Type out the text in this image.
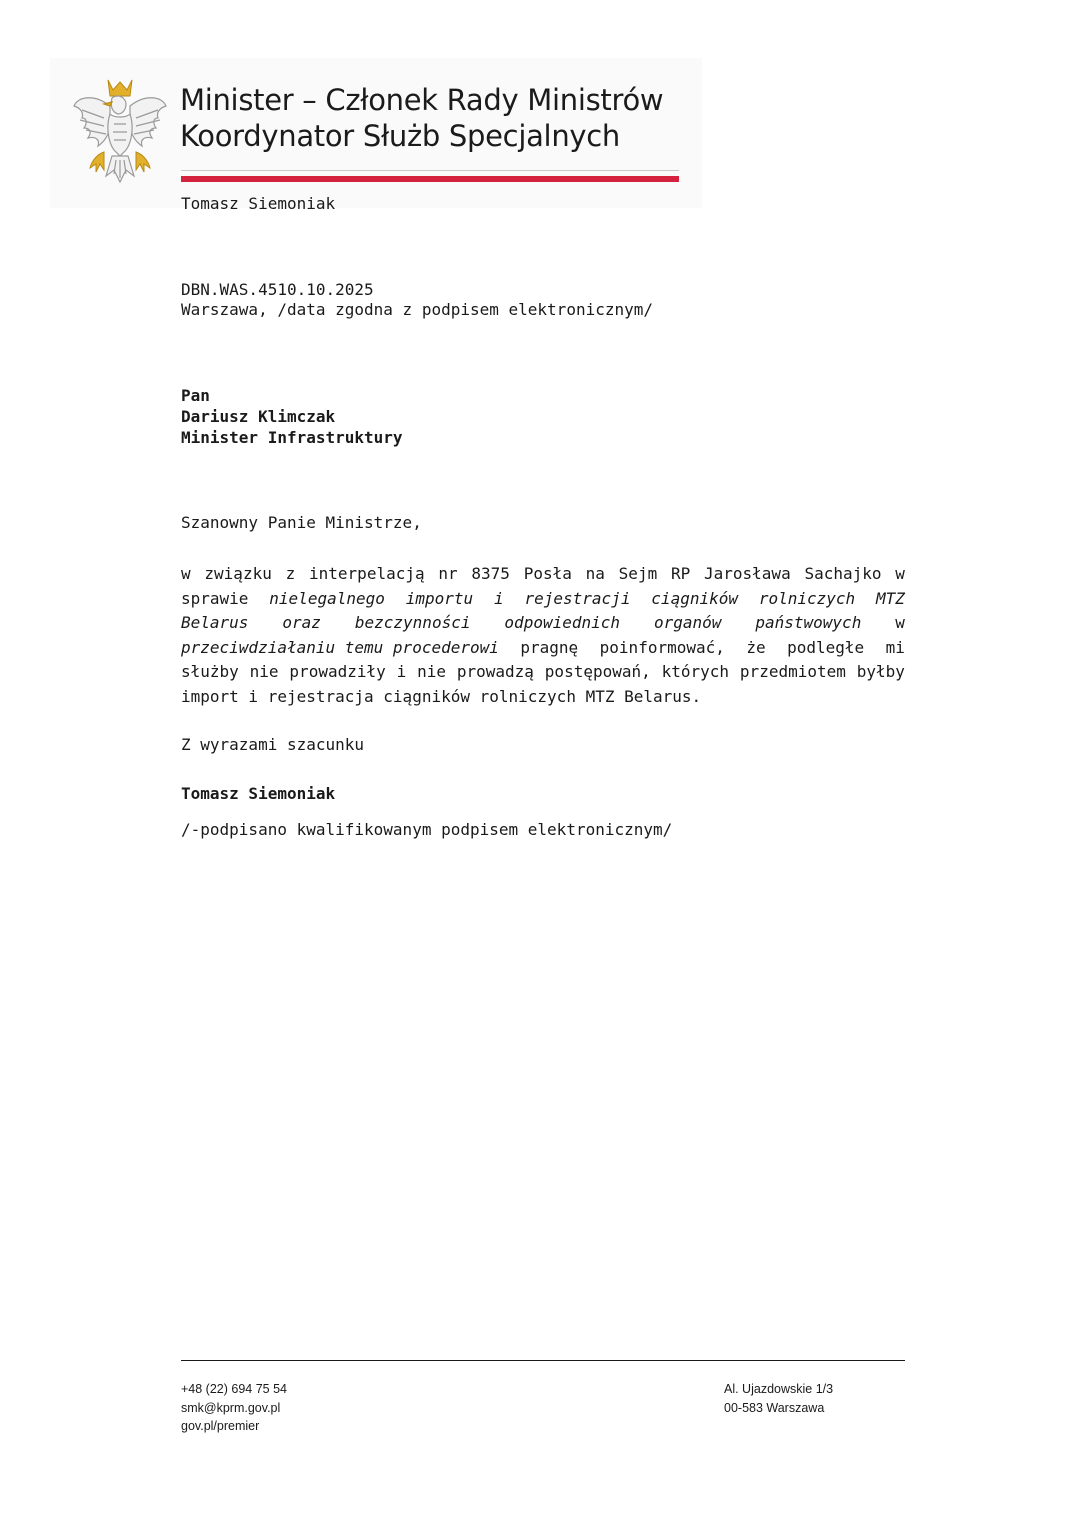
Minister – Członek Rady Ministrów
Koordynator Służb Specjalnych
Tomasz Siemoniak
DBN.WAS.4510.10.2025
Warszawa, /data zgodna z podpisem elektronicznym/
Pan
Dariusz Klimczak
Minister Infrastruktury
Szanowny Panie Ministrze,
w związku z interpelacją nr 8375 Posła na Sejm RP Jarosława Sachajko w
sprawie nielegalnego importu i rejestracji ciągników rolniczych MTZ
Belarus oraz bezczynności odpowiednich organów państwowych w
przeciwdziałaniu temu procederowi pragnę poinformować, że podległe mi
służby nie prowadziły i nie prowadzą postępowań, których przedmiotem byłby
import i rejestracja ciągników rolniczych MTZ Belarus.
Z wyrazami szacunku
Tomasz Siemoniak
/-podpisano kwalifikowanym podpisem elektronicznym/
+48 (22) 694 75 54
smk@kprm.gov.pl
gov.pl/premier
Al. Ujazdowskie 1/3
00-583 Warszawa
